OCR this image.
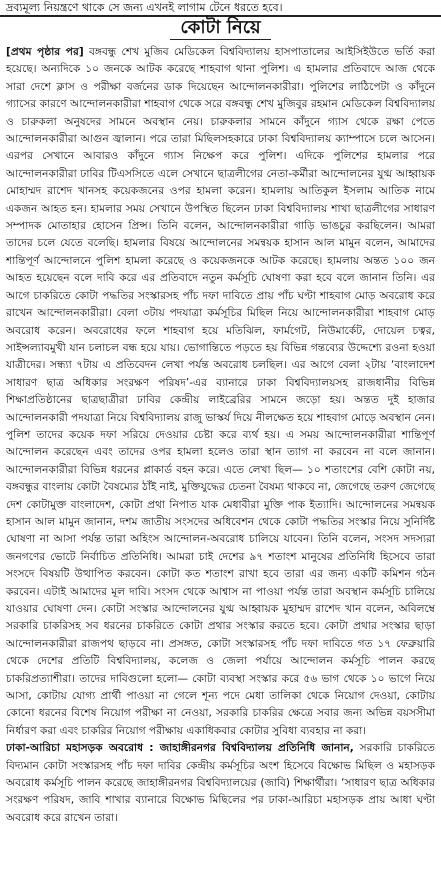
দ্রব্যমূল্য নিয়ন্ত্রণে থাকে সে জন্য এখনই লাগাম টেনে ধরতে হবে।
কোটা নিয়ে

[প্রথম পৃষ্ঠার পর] বঙ্গবন্ধু শেখ মুজিব মেডিকেল বিশ্ববিদ্যালয় হাসপাতালের আইসিইউতে ভর্তি করা হয়েছে। অন্যদিকে ১০ জনকে আটক করেছে শাহবাগ থানা পুলিশ। এ হামলার প্রতিবাদে আজ থেকে সারা দেশে ক্লাস ও পরীক্ষা বর্জনের ডাক দিয়েছেন আন্দোলনকারীরা। পুলিশের লাঠিপেটা ও কাঁদুনে গ্যাসের কারণে আন্দোলনকারীরা শাহবাগ থেকে সরে বঙ্গবন্ধু শেখ মুজিবুর রহমান মেডিকেল বিশ্ববিদ্যালয় ও চারুকলা অনুষদের সামনে অবস্থান নেয়। চারুকলার সামনে কাঁদুনে গ্যাস থেকে রক্ষা পেতে আন্দোলনকারীরা আগুন জ্বালান। পরে তারা মিছিলসহকারে ঢাকা বিশ্ববিদ্যালয় ক্যাম্পাসে চলে আসেন। এরপর সেখানে আবারও কাঁদুনে গ্যাস নিক্ষেপ করে পুলিশ। এদিকে পুলিশের হামলার পরে আন্দোলনকারীরা ঢাবির টিএসসিতে এলে সেখানে ছাত্রলীগের নেতা-কর্মীরা আন্দোলনের যুগ্ম আহ্বায়ক মোহাম্মদ রাশেদ খানসহ কয়েকজনের ওপর হামলা করেন। হামলায় আতিকুল ইসলাম আতিক নামে একজন আহত হন। হামলার সময় সেখানে উপস্থিত ছিলেন ঢাকা বিশ্ববিদ্যালয় শাখা ছাত্রলীগের সাধারণ সম্পাদক মোতাহার হোসেন প্রিন্স। তিনি বলেন, আন্দোলনকারীরা গাড়ি ভাঙচুর করছিলেন। আমরা তাদের চলে যেতে বলেছি। হামলার বিষয়ে আন্দোলনের সমন্বয়ক হাসান আল মামুন বলেন, আমাদের শান্তিপূর্ণ আন্দোলনে পুলিশ হামলা করেছে ও কয়েকজনকে আটক করেছে। হামলায় অন্তত ১০০ জন আহত হয়েছেন বলে দাবি করে এর প্রতিবাদে নতুন কর্মসূচি ঘোষণা করা হবে বলে জানান তিনি। এর আগে চাকরিতে কোটা পদ্ধতির সংস্কারসহ পাঁচ দফা দাবিতে প্রায় পাঁচ ঘণ্টা শাহবাগ মোড় অবরোধ করে রাখেন আন্দোলনকারীরা। বেলা ৩টায় পদযাত্রা কর্মসূচির মিছিল নিয়ে আন্দোলনকারীরা শাহবাগ মোড় অবরোধ করেন। অবরোধের ফলে শাহবাগ হয়ে মতিঝিল, ফার্মগেট, নিউমার্কেট, দোয়েল চত্বর, সাইন্সল্যাবমুখী যান চলাচল বন্ধ হয়ে যায়। ভোগান্তিতে পড়তে হয় বিভিন্ন গন্তব্যের উদ্দেশ্যে রওনা হওয়া যাত্রীদের। সন্ধ্যা ৭টায় এ প্রতিবেদন লেখা পর্যন্ত অবরোধ চলছিল। এর আগে বেলা ২টায় ‘বাংলাদেশ সাধারণ ছাত্র অধিকার সংরক্ষণ পরিষদ’-এর ব্যানারে ঢাকা বিশ্ববিদ্যালয়সহ রাজধানীর বিভিন্ন শিক্ষাপ্রতিষ্ঠানের ছাত্রছাত্রীরা ঢাবির কেন্দ্রীয় লাইব্রেরির সামনে জড়ো হয়। অন্তত দুই হাজার আন্দোলনকারী পদযাত্রা নিয়ে বিশ্ববিদ্যালয় রাজু ভাস্কর্য দিয়ে নীলক্ষেত হয়ে শাহবাগ মোড়ে অবস্থান নেন। পুলিশ তাদের কয়েক দফা সরিয়ে দেওয়ার চেষ্টা করে ব্যর্থ হয়। এ সময় আন্দোলনকারীরা শান্তিপূর্ণ আন্দোলন করেছেন এবং তাদের ওপর হামলা হলেও তারা স্থান ত্যাগ না করবেন না বলে জানান। আন্দোলনকারীরা বিভিন্ন ধরনের প্লাকার্ড বহন করে। এতে লেখা ছিল— ১০ শতাংশের বেশি কোটা নয়, বঙ্গবন্ধুর বাংলায় কোটা বৈষম্যের ঠাঁই নাই, মুক্তিযুদ্ধের চেতনা বৈষম্য থাকবে না, জেগেছে তরুণ জেগেছে দেশ কোটামুক্ত বাংলাদেশ, কোটা প্রথা নিপাত যাক মেধাবীরা মুক্তি পাক ইত্যাদি। আন্দোলনের সমন্বয়ক হাসান আল মামুন জানান, দশম জাতীয় সংসদের অধিবেশন থেকে কোটা পদ্ধতির সংস্কার নিয়ে সুনির্দিষ্ট ঘোষণা না আসা পর্যন্ত তারা অহিংস আন্দোলন-অবরোধ চালিয়ে যাবেন। তিনি বলেন, সংসদ সদস্যরা জনগণের ভোটে নির্বাচিত প্রতিনিধি। আমরা চাই দেশের ৯৭ শতাংশ মানুষের প্রতিনিধি হিসেবে তারা সংসদে বিষয়টি উত্থাপিত করবেন। কোটা কত শতাংশ রাখা হবে তারা এর জন্য একটি কমিশন গঠন করবেন। এটাই আমাদের মূল দাবি। সংসদ থেকে আশ্বাস না পাওয়া পর্যন্ত তারা অবস্থান কর্মসূচি চালিয়ে যাওয়ার ঘোষণা দেন। কোটা সংস্কার আন্দোলনের যুগ্ম আহ্বায়ক মুহাম্মদ রাশেদ খান বলেন, অবিলম্বে সরকারি চাকরিসহ সব ধরনের চাকরিতে কোটা প্রথার সংস্কার করতে হবে। কোটা প্রথার সংস্কার ছাড়া আন্দোলনকারীরা রাজপথ ছাড়বে না। প্রসঙ্গত, কোটা সংস্কারসহ পাঁচ দফা দাবিতে গত ১৭ ফেব্রুয়ারি থেকে দেশের প্রতিটি বিশ্ববিদ্যালয়, কলেজ ও জেলা পর্যায়ে আন্দোলন কর্মসূচি পালন করছে চাকরিপ্রত্যাশীরা। তাদের দাবিগুলো হলো— কোটা ব্যবস্থা সংস্কার করে ৫৬ ভাগ থেকে ১০ ভাগে নিয়ে আসা, কোটায় যোগ্য প্রার্থী পাওয়া না গেলে শূন্য পদে মেধা তালিকা থেকে নিয়োগ দেওয়া, কোটায় কোনো ধরনের বিশেষ নিয়োগ পরীক্ষা না নেওয়া, সরকারি চাকরির ক্ষেত্রে সবার জন্য অভিন্ন বয়সসীমা নির্ধারণ করা এবং চাকরির নিয়োগ পরীক্ষায় একাধিকবার কোটার সুবিধা ব্যবহার না করা।

ঢাকা-আরিচা মহাসড়ক অবরোধ : জাহাঙ্গীরনগর বিশ্ববিদ্যালয় প্রতিনিধি জানান, সরকারি চাকরিতে বিদ্যমান কোটা সংস্কারসহ পাঁচ দফা দাবির কেন্দ্রীয় কর্মসূচির অংশ হিসেবে বিক্ষোভ মিছিল ও মহাসড়ক অবরোধ কর্মসূচি পালন করেছে জাহাঙ্গীরনগর বিশ্ববিদ্যালয়ের (জাবি) শিক্ষার্থীরা। ‘সাধারণ ছাত্র অধিকার সংরক্ষণ পরিষদ, জাবি শাখার ব্যানারে বিক্ষোভ মিছিলের পর ঢাকা-আরিচা মহাসড়ক প্রায় আধা ঘণ্টা অবরোধ করে রাখেন তারা।
